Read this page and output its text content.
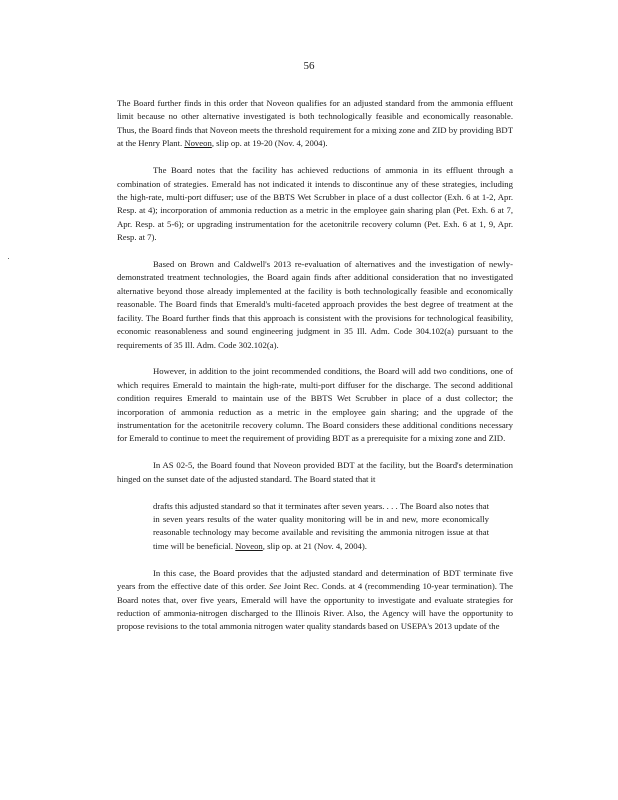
56

The Board further finds in this order that Noveon qualifies for an adjusted standard from the ammonia effluent limit because no other alternative investigated is both technologically feasible and economically reasonable. Thus, the Board finds that Noveon meets the threshold requirement for a mixing zone and ZID by providing BDT at the Henry Plant. Noveon, slip op. at 19-20 (Nov. 4, 2004).

The Board notes that the facility has achieved reductions of ammonia in its effluent through a combination of strategies. Emerald has not indicated it intends to discontinue any of these strategies, including the high-rate, multi-port diffuser; use of the BBTS Wet Scrubber in place of a dust collector (Exh. 6 at 1-2, Apr. Resp. at 4); incorporation of ammonia reduction as a metric in the employee gain sharing plan (Pet. Exh. 6 at 7, Apr. Resp. at 5-6); or upgrading instrumentation for the acetonitrile recovery column (Pet. Exh. 6 at 1, 9, Apr. Resp. at 7).

Based on Brown and Caldwell's 2013 re-evaluation of alternatives and the investigation of newly-demonstrated treatment technologies, the Board again finds after additional consideration that no investigated alternative beyond those already implemented at the facility is both technologically feasible and economically reasonable. The Board finds that Emerald's multi-faceted approach provides the best degree of treatment at the facility. The Board further finds that this approach is consistent with the provisions for technological feasibility, economic reasonableness and sound engineering judgment in 35 Ill. Adm. Code 304.102(a) pursuant to the requirements of 35 Ill. Adm. Code 302.102(a).

However, in addition to the joint recommended conditions, the Board will add two conditions, one of which requires Emerald to maintain the high-rate, multi-port diffuser for the discharge. The second additional condition requires Emerald to maintain use of the BBTS Wet Scrubber in place of a dust collector; the incorporation of ammonia reduction as a metric in the employee gain sharing; and the upgrade of the instrumentation for the acetonitrile recovery column. The Board considers these additional conditions necessary for Emerald to continue to meet the requirement of providing BDT as a prerequisite for a mixing zone and ZID.

In AS 02-5, the Board found that Noveon provided BDT at the facility, but the Board's determination hinged on the sunset date of the adjusted standard. The Board stated that it

drafts this adjusted standard so that it terminates after seven years. . . . The Board also notes that in seven years results of the water quality monitoring will be in and new, more economically reasonable technology may become available and revisiting the ammonia nitrogen issue at that time will be beneficial. Noveon, slip op. at 21 (Nov. 4, 2004).

In this case, the Board provides that the adjusted standard and determination of BDT terminate five years from the effective date of this order. See Joint Rec. Conds. at 4 (recommending 10-year termination). The Board notes that, over five years, Emerald will have the opportunity to investigate and evaluate strategies for reduction of ammonia-nitrogen discharged to the Illinois River. Also, the Agency will have the opportunity to propose revisions to the total ammonia nitrogen water quality standards based on USEPA's 2013 update of the
